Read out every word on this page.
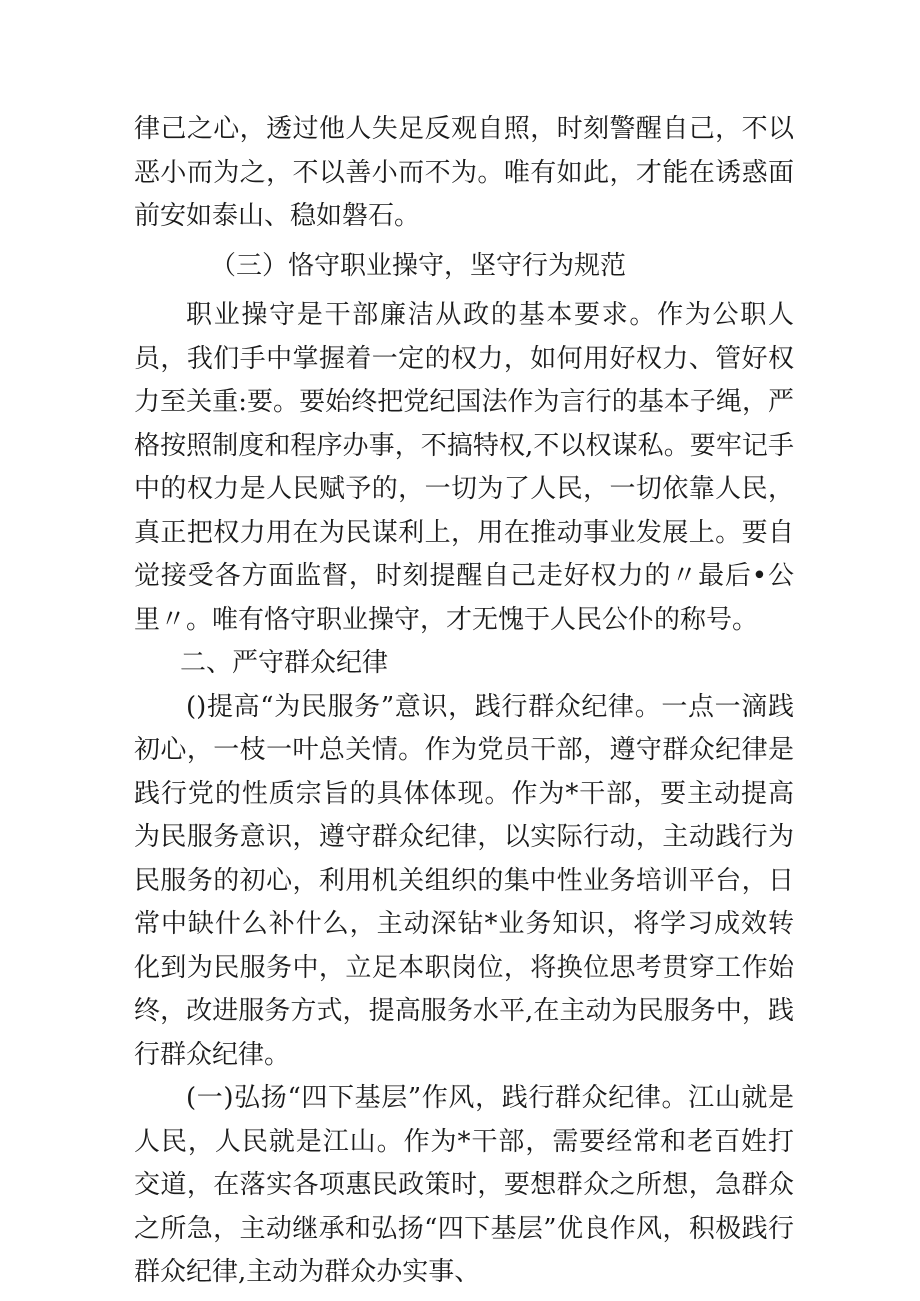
律己之心，透过他人失足反观自照，时刻警醒自己，不以恶小而为之，不以善小而不为。唯有如此，才能在诱惑面前安如泰山、稳如磐石。

（三）恪守职业操守，坚守行为规范

职业操守是干部廉洁从政的基本要求。作为公职人员，我们手中掌握着一定的权力，如何用好权力、管好权力至关重:要。要始终把党纪国法作为言行的基本子绳，严格按照制度和程序办事，不搞特权,不以权谋私。要牢记手中的权力是人民赋予的，一切为了人民，一切依靠人民，真正把权力用在为民谋利上，用在推动事业发展上。要自觉接受各方面监督，时刻提醒自己走好权力的〃最后•公里〃。唯有恪守职业操守，才无愧于人民公仆的称号。

二、严守群众纪律

()提高“为民服务”意识，践行群众纪律。一点一滴践初心，一枝一叶总关情。作为党员干部，遵守群众纪律是践行党的性质宗旨的具体体现。作为*干部，要主动提高为民服务意识，遵守群众纪律，以实际行动，主动践行为民服务的初心，利用机关组织的集中性业务培训平台，日常中缺什么补什么，主动深钻*业务知识，将学习成效转化到为民服务中，立足本职岗位，将换位思考贯穿工作始终，改进服务方式，提高服务水平,在主动为民服务中，践行群众纪律。

(一)弘扬“四下基层”作风，践行群众纪律。江山就是人民，人民就是江山。作为*干部，需要经常和老百姓打交道，在落实各项惠民政策时，要想群众之所想，急群众之所急，主动继承和弘扬“四下基层”优良作风，积极践行群众纪律,主动为群众办实事、
